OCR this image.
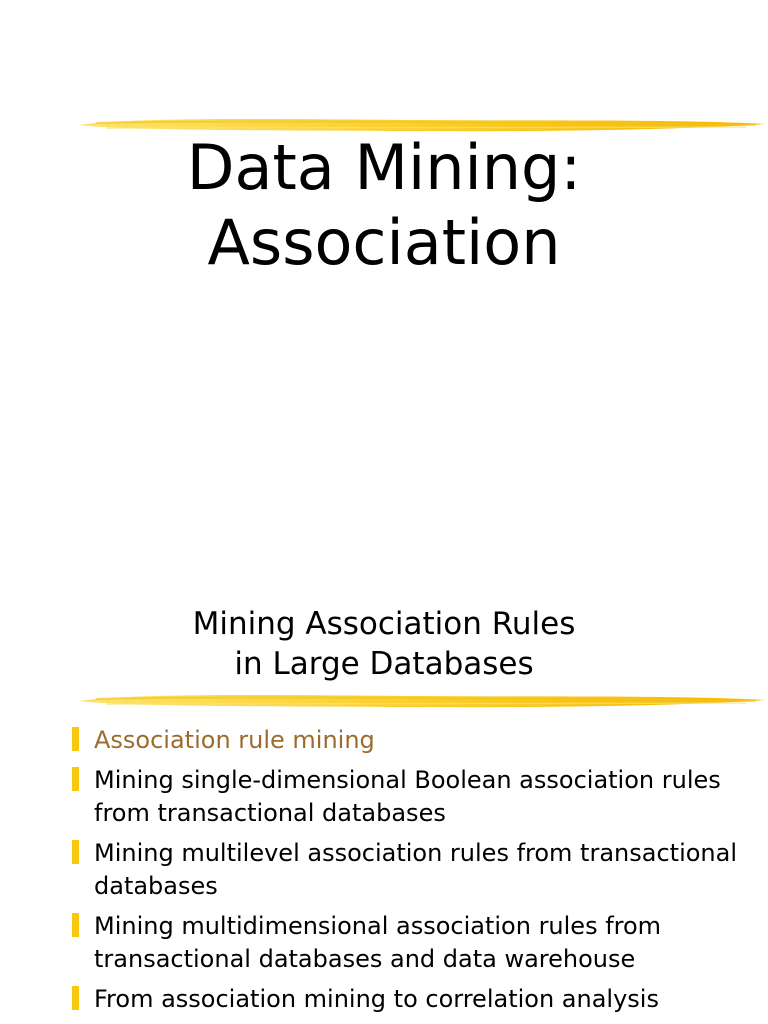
Data Mining:
Association
Mining Association Rules
in Large Databases
Association rule mining
Mining single-dimensional Boolean association rules from transactional databases
Mining multilevel association rules from transactional databases
Mining multidimensional association rules from transactional databases and data warehouse
From association mining to correlation analysis
